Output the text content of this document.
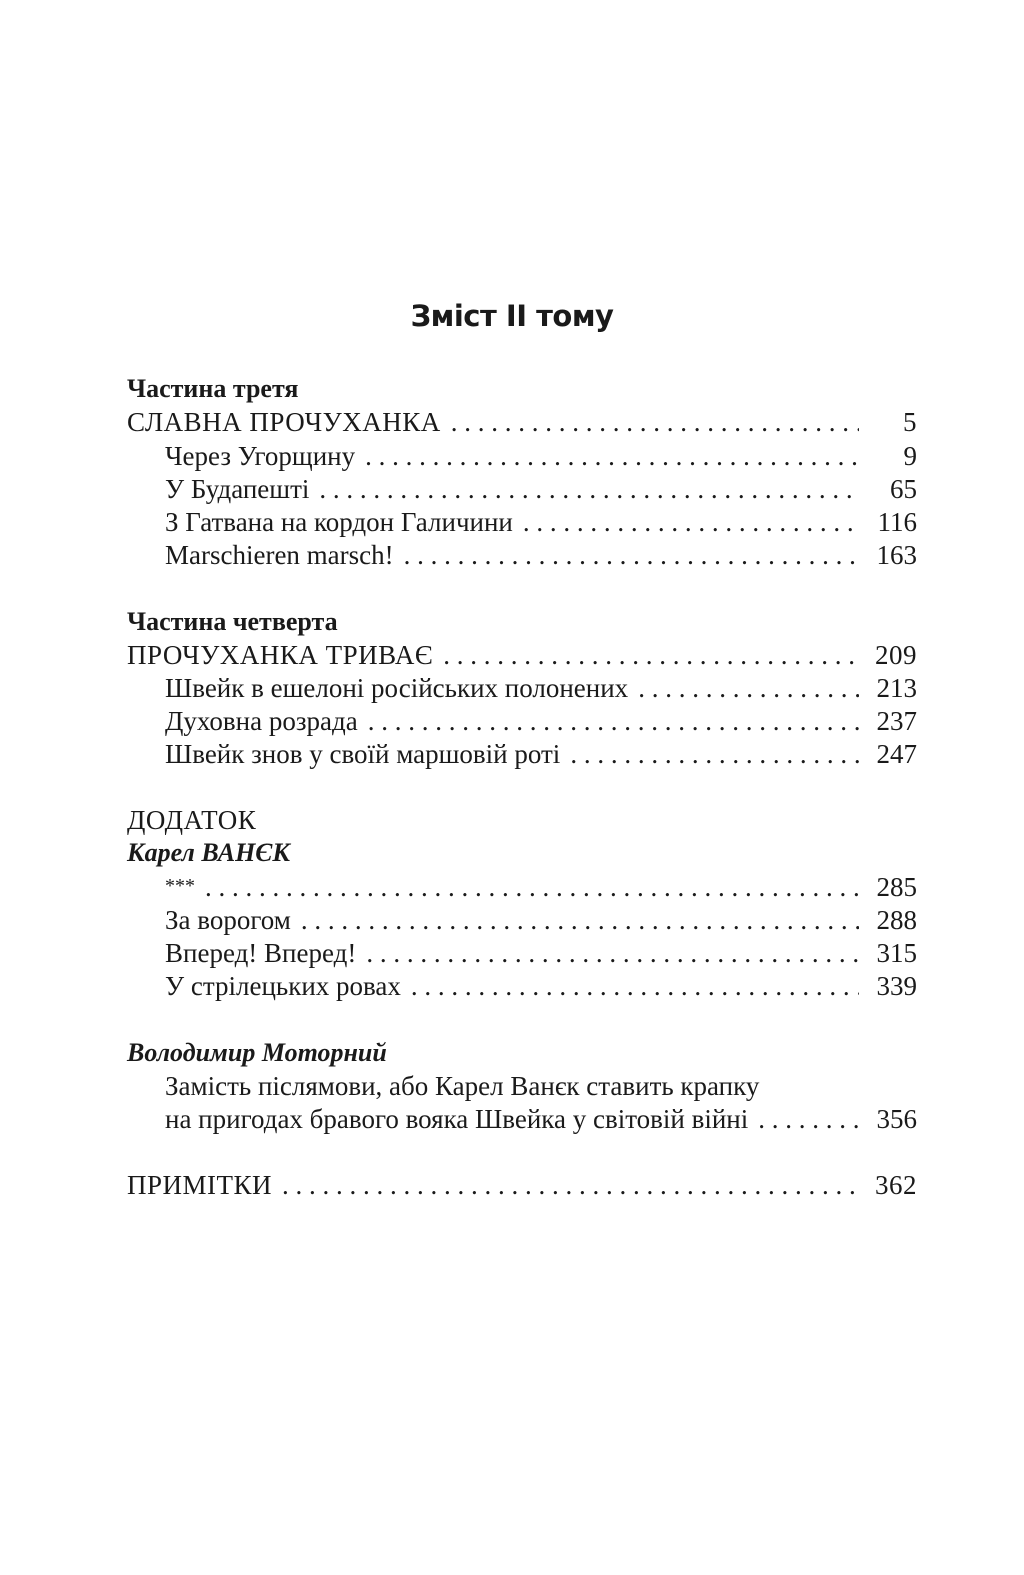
Зміст ІІ тому
Частина третя
СЛАВНА ПРОЧУХАНКА . . .	5
Через Угорщину . . .	9
У Будапешті . . .	65
З Гатвана на кордон Галичини . . .	116
Marschieren marsch! . . .	163
Частина четверта
ПРОЧУХАНКА ТРИВАЄ . . .	209
Швейк в ешелоні російських полонених . . .	213
Духовна розрада . . .	237
Швейк знов у своїй маршовій роті . . .	247
ДОДАТОК
Карел ВАНЄК
*** . . .	285
За ворогом . . .	288
Вперед! Вперед! . . .	315
У стрілецьких ровах . . .	339
Володимир Моторний
Замість післямови, або Карел Ванєк ставить крапку
на пригодах бравого вояка Швейка у світовій війні . . .	356
ПРИМІТКИ . . .	362
